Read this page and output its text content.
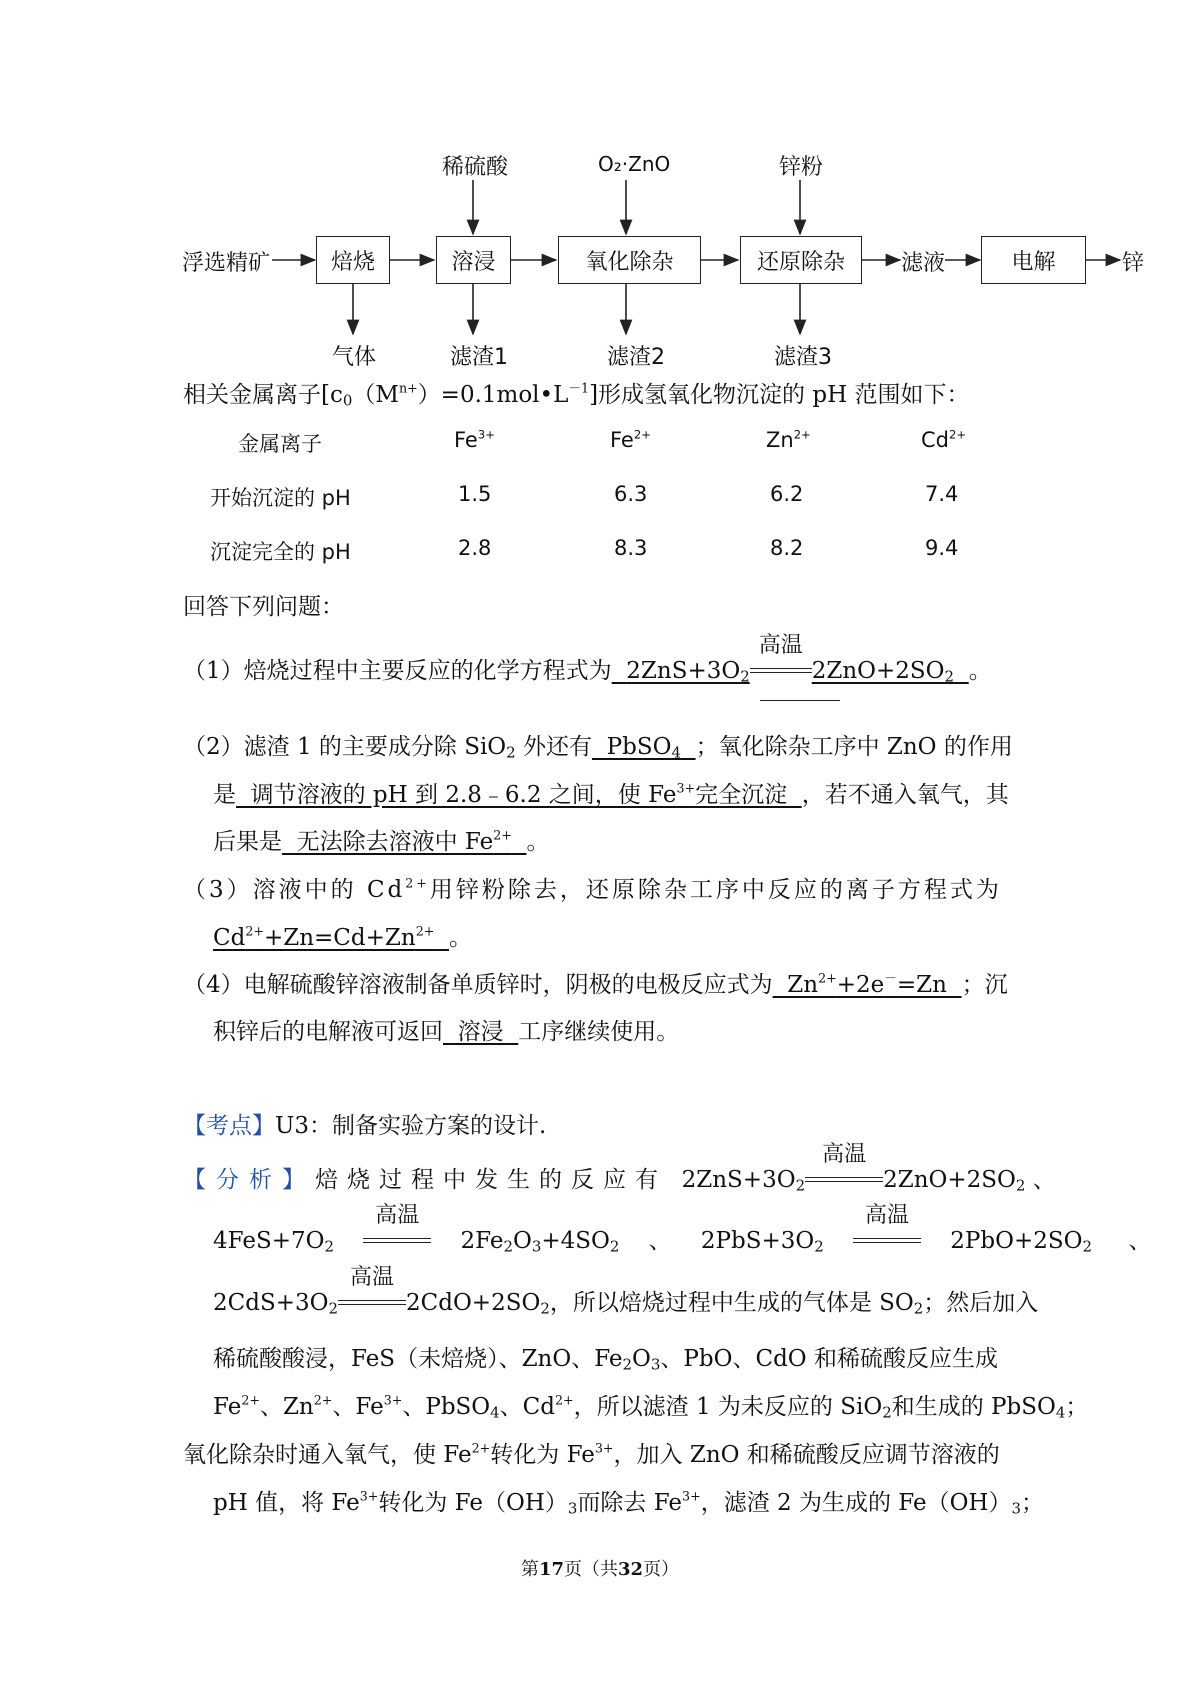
浮选精矿	焙烧	溶浸	氧化除杂	还原除杂	滤液	电解	锌
稀硫酸	O₂·ZnO	锌粉
气体	滤渣1	滤渣2	滤渣3
相关金属离子$[c_0(M^{n+})=0.1mol•L^{-1}]$形成氢氧化物沉淀的 pH 范围如下：
金属离子	$Fe^{3+}$	$Fe^{2+}$	$Zn^{2+}$	$Cd^{2+}$
开始沉淀的 pH	1.5	6.3	6.2	7.4
沉淀完全的 pH	2.8	8.3	8.2	9.4
回答下列问题：
（1）焙烧过程中主要反应的化学方程式为 $2ZnS+3O_2$
高温
$2ZnO+2SO_2$ 。
（2）滤渣 1 的主要成分除 SiO$_2$ 外还有  PbSO$_4$ ；氧化除杂工序中 ZnO 的作用
是  调节溶液的 pH 到 2.8﹣6.2 之间，使 $Fe^{3+}$完全沉淀  ，若不通入氧气，其
后果是  无法除去溶液中 $Fe^{2+}$ 。
（3）溶液中的 $Cd^{2+}$用锌粉除去，还原除杂工序中反应的离子方程式为
$Cd^{2+}+Zn=Cd+Zn^{2+}$ 。
（4）电解硫酸锌溶液制备单质锌时，阴极的电极反应式为  $Zn^{2+}+2e^-=Zn$  ；沉
积锌后的电解液可返回  溶浸  工序继续使用。
【考点】U3：制备实验方案的设计.
【分析】焙烧过程中发生的反应有 $2ZnS+3O_2$
高温
$2ZnO+2SO_2$ 、
$4FeS+7O_2$
高温
$2Fe_2O_3+4SO_2$ 、 $2PbS+3O_2$
高温
$2PbO+2SO_2$ 、
$2CdS+3O_2$
高温
$2CdO+2SO_2$，所以焙烧过程中生成的气体是 $SO_2$；然后加入
稀硫酸酸浸，FeS（未焙烧）、ZnO、$Fe_2O_3$、PbO、CdO 和稀硫酸反应生成
$Fe^{2+}$、$Zn^{2+}$、$Fe^{3+}$、PbSO$_4$、$Cd^{2+}$，所以滤渣 1 为未反应的 SiO$_2$和生成的 PbSO$_4$；
氧化除杂时通入氧气，使 $Fe^{2+}$转化为 $Fe^{3+}$，加入 ZnO 和稀硫酸反应调节溶液的
pH 值，将 $Fe^{3+}$转化为 $Fe(OH)_3$而除去 $Fe^{3+}$，滤渣 2 为生成的 $Fe(OH)_3$；
第17页（共32页）
